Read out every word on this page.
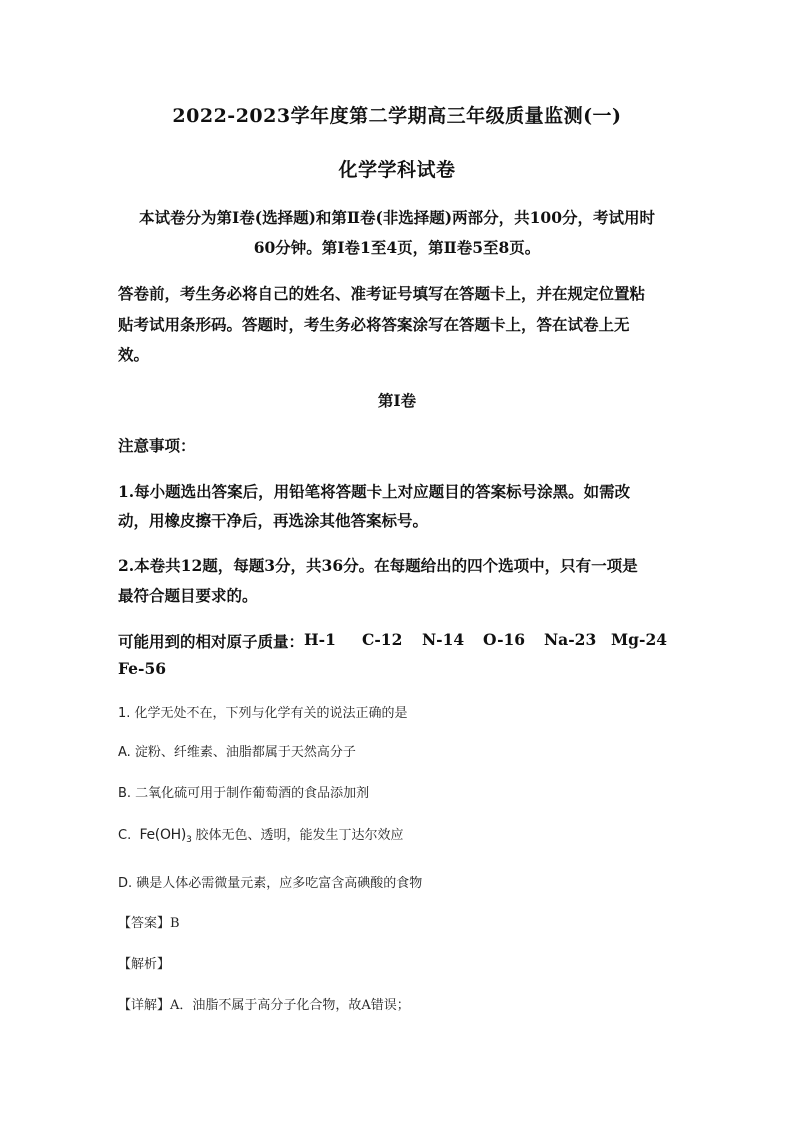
2022-2023学年度第二学期高三年级质量监测(一)
化学学科试卷
本试卷分为第Ⅰ卷(选择题)和第Ⅱ卷(非选择题)两部分，共100分，考试用时
60分钟。第Ⅰ卷1至4页，第Ⅱ卷5至8页。
答卷前，考生务必将自己的姓名、准考证号填写在答题卡上，并在规定位置粘
贴考试用条形码。答题时，考生务必将答案涂写在答题卡上，答在试卷上无
效。
第Ⅰ卷
注意事项：
1.每小题选出答案后，用铅笔将答题卡上对应题目的答案标号涂黑。如需改
动，用橡皮擦干净后，再选涂其他答案标号。
2.本卷共12题，每题3分，共36分。在每题给出的四个选项中，只有一项是
最符合题目要求的。
可能用到的相对原子质量： H-1	C-12	N-14	O-16	Na-23 Mg-24
Fe-56
1. 化学无处不在，下列与化学有关的说法正确的是
A. 淀粉、纤维素、油脂都属于天然高分子
B. 二氧化硫可用于制作葡萄酒的食品添加剂
C. $Fe(OH)_3$ 胶体无色、透明，能发生丁达尔效应
D. 碘是人体必需微量元素，应多吃富含高碘酸的食物
【答案】B
【解析】
【详解】A．油脂不属于高分子化合物，故A错误；
